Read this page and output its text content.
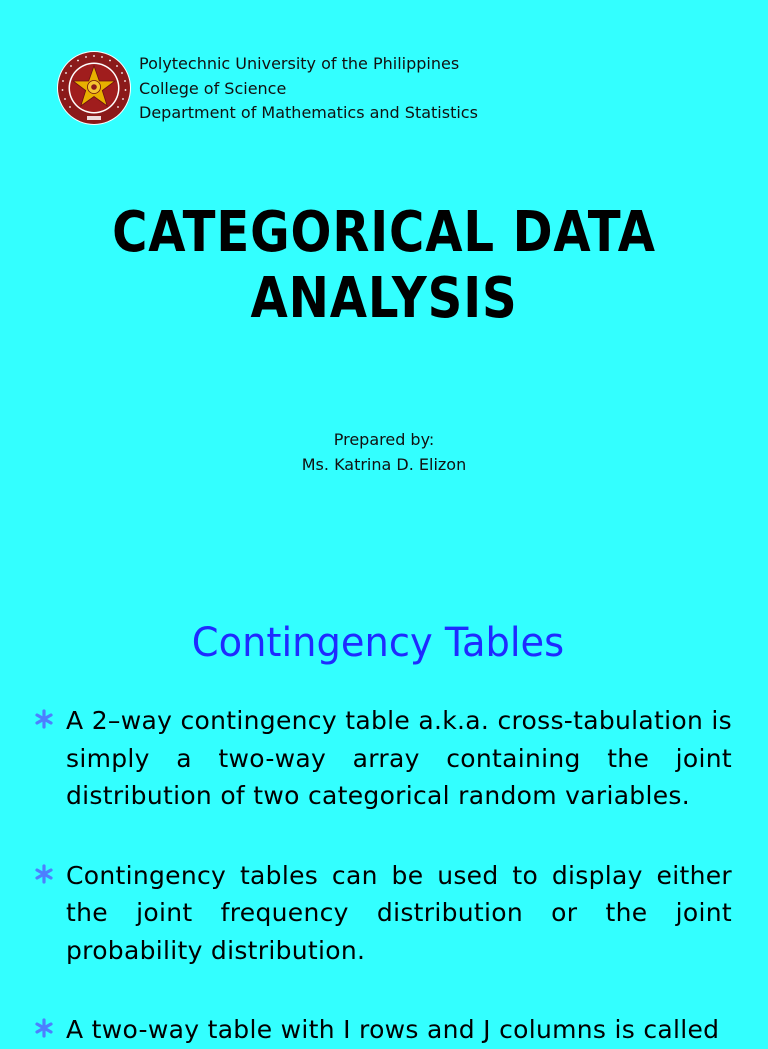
Polytechnic University of the Philippines
College of Science
Department of Mathematics and Statistics
CATEGORICAL DATA
ANALYSIS
Prepared by:
Ms. Katrina D. Elizon
Contingency Tables
A 2–way contingency table a.k.a. cross-tabulation is simply a two-way array containing the joint distribution of two categorical random variables.
Contingency tables can be used to display either the joint frequency distribution or the joint probability distribution.
A two-way table with I rows and J columns is called
